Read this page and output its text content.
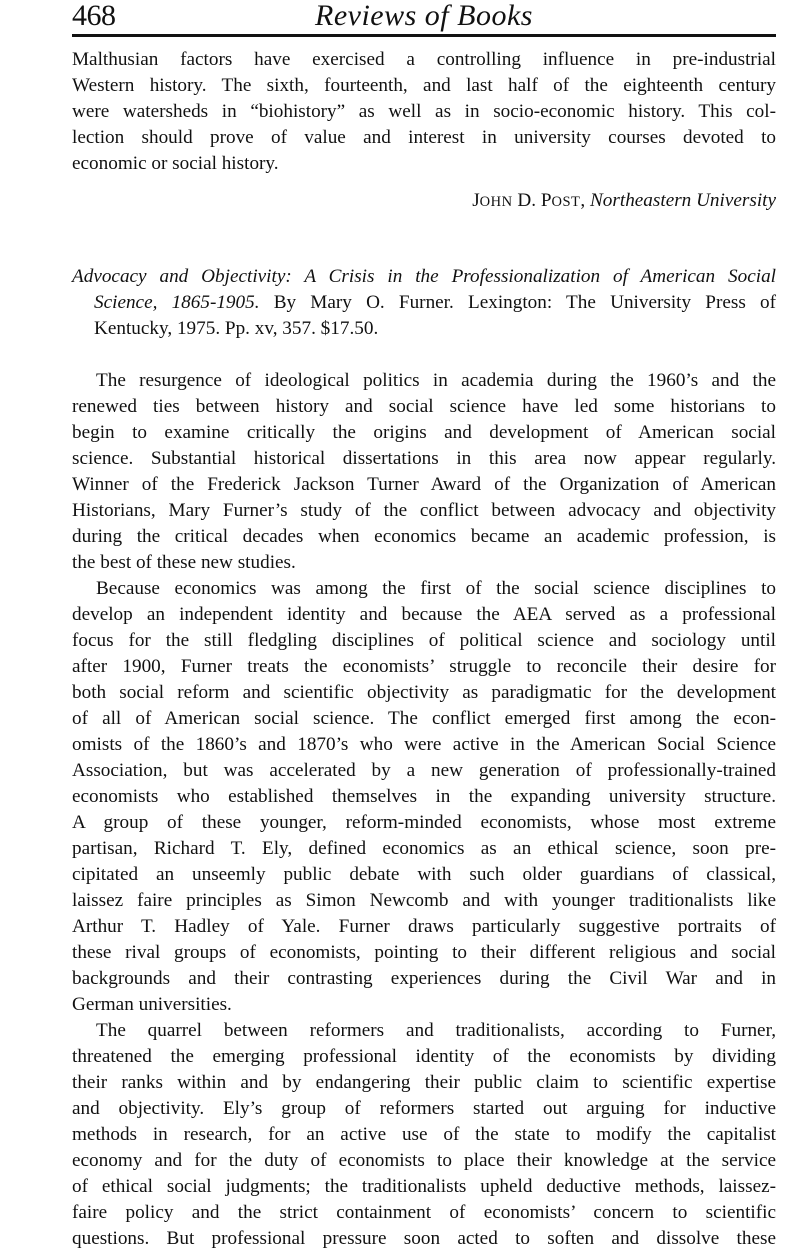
468	Reviews of Books
Malthusian factors have exercised a controlling influence in pre-industrial
Western history. The sixth, fourteenth, and last half of the eighteenth century
were watersheds in “biohistory” as well as in socio-economic history. This col-
lection should prove of value and interest in university courses devoted to
economic or social history.
JOHN D. POST, Northeastern University
Advocacy and Objectivity: A Crisis in the Professionalization of American Social
Science, 1865-1905. By Mary O. Furner. Lexington: The University Press of
Kentucky, 1975. Pp. xv, 357. $17.50.
The resurgence of ideological politics in academia during the 1960’s and the
renewed ties between history and social science have led some historians to
begin to examine critically the origins and development of American social
science. Substantial historical dissertations in this area now appear regularly.
Winner of the Frederick Jackson Turner Award of the Organization of American
Historians, Mary Furner’s study of the conflict between advocacy and objectivity
during the critical decades when economics became an academic profession, is
the best of these new studies.
Because economics was among the first of the social science disciplines to
develop an independent identity and because the AEA served as a professional
focus for the still fledgling disciplines of political science and sociology until
after 1900, Furner treats the economists’ struggle to reconcile their desire for
both social reform and scientific objectivity as paradigmatic for the development
of all of American social science. The conflict emerged first among the econ-
omists of the 1860’s and 1870’s who were active in the American Social Science
Association, but was accelerated by a new generation of professionally-trained
economists who established themselves in the expanding university structure.
A group of these younger, reform-minded economists, whose most extreme
partisan, Richard T. Ely, defined economics as an ethical science, soon pre-
cipitated an unseemly public debate with such older guardians of classical,
laissez faire principles as Simon Newcomb and with younger traditionalists like
Arthur T. Hadley of Yale. Furner draws particularly suggestive portraits of
these rival groups of economists, pointing to their different religious and social
backgrounds and their contrasting experiences during the Civil War and in
German universities.
The quarrel between reformers and traditionalists, according to Furner,
threatened the emerging professional identity of the economists by dividing
their ranks within and by endangering their public claim to scientific expertise
and objectivity. Ely’s group of reformers started out arguing for inductive
methods in research, for an active use of the state to modify the capitalist
economy and for the duty of economists to place their knowledge at the service
of ethical social judgments; the traditionalists upheld deductive methods, laissez-
faire policy and the strict containment of economists’ concern to scientific
questions. But professional pressure soon acted to soften and dissolve these
